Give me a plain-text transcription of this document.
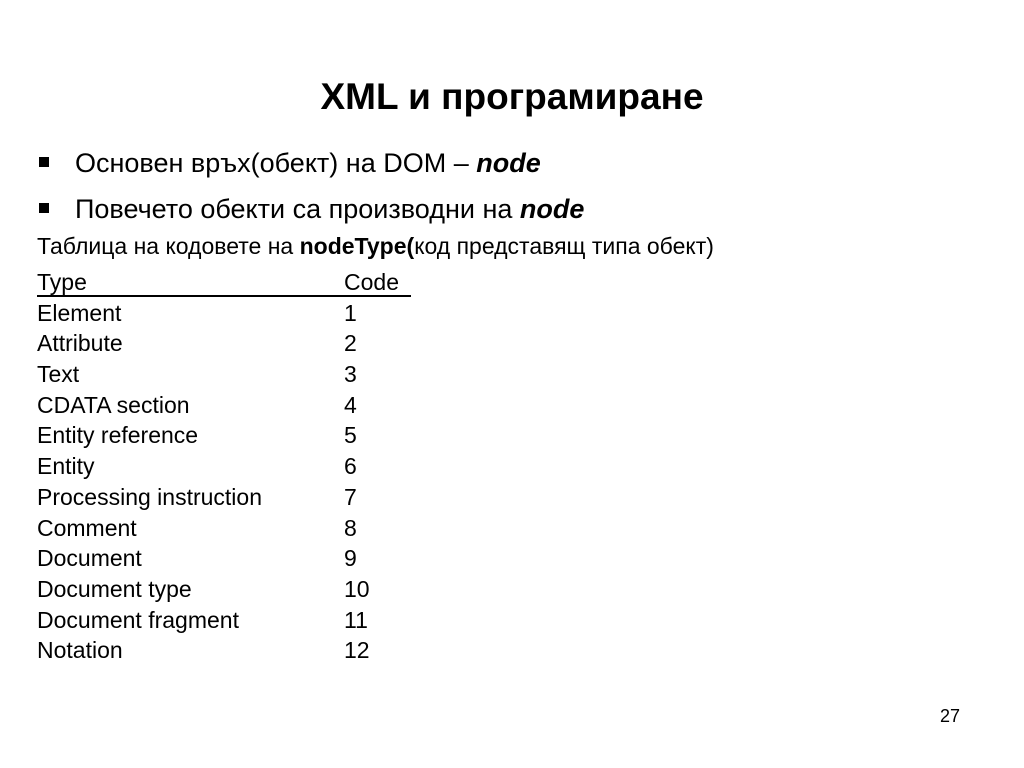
XML и програмиране
Основен връх(обект) на DOM – node
Повечето обекти са производни на node
Таблица на кодовете на nodeType(код представящ типа обект)
Type	Code
Element	1
Attribute	2
Text	3
CDATA section	4
Entity reference	5
Entity	6
Processing instruction	7
Comment	8
Document	9
Document type	10
Document fragment	11
Notation	12
27
